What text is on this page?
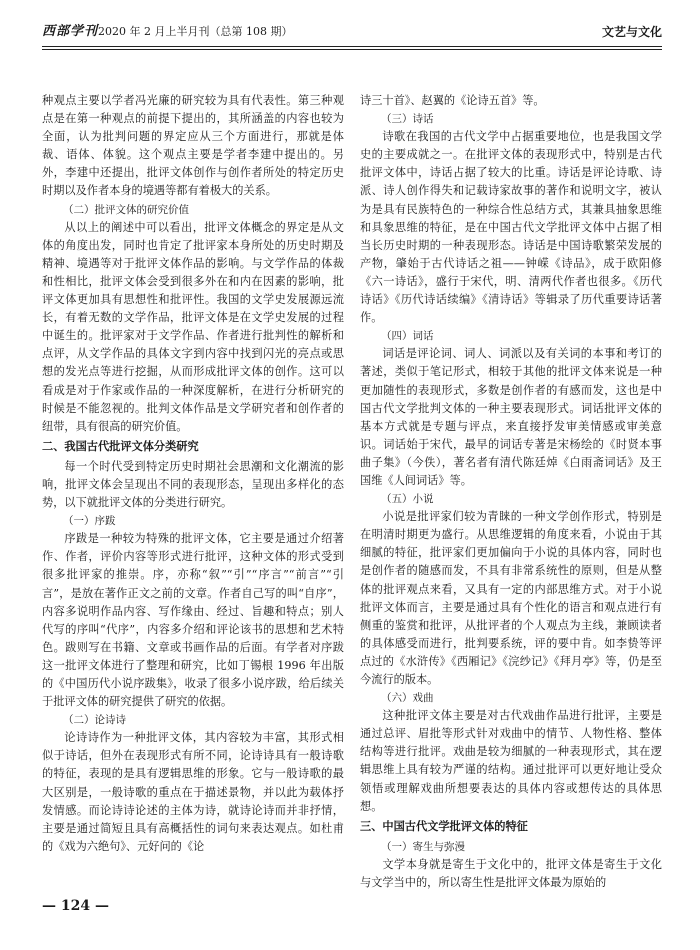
西部学刊2020 年 2 月上半月刊（总第 108 期）	文艺与文化

种观点主要以学者冯光廉的研究较为具有代表性。第三种观点是在第一种观点的前提下提出的，其所涵盖的内容也较为全面，认为批判问题的界定应从三个方面进行，那就是体裁、语体、体貌。这个观点主要是学者李建中提出的。另外，李建中还提出，批评文体创作与创作者所处的特定历史时期以及作者本身的境遇等都有着极大的关系。

（二）批评文体的研究价值

从以上的阐述中可以看出，批评文体概念的界定是从文体的角度出发，同时也肯定了批评家本身所处的历史时期及精神、境遇等对于批评文体作品的影响。与文学作品的体裁和性相比，批评文体会受到很多外在和内在因素的影响，批评文体更加具有思想性和批评性。我国的文学史发展源远流长，有着无数的文学作品，批评文体是在文学史发展的过程中诞生的。批评家对于文学作品、作者进行批判性的解析和点评，从文学作品的具体文字到内容中找到闪光的亮点或思想的发光点等进行挖掘，从而形成批评文体的创作。这可以看成是对于作家或作品的一种深度解析，在进行分析研究的时候是不能忽视的。批判文体作品是文学研究者和创作者的纽带，具有很高的研究价值。

二、我国古代批评文体分类研究

每一个时代受到特定历史时期社会思潮和文化潮流的影响，批评文体会呈现出不同的表现形态，呈现出多样化的态势，以下就批评文体的分类进行研究。

（一）序跋

序跋是一种较为特殊的批评文体，它主要是通过介绍著作、作者，评价内容等形式进行批评，这种文体的形式受到很多批评家的推崇。序，亦称“叙”“引”“序言”“前言”“引言”，是放在著作正文之前的文章。作者自己写的叫“自序”，内容多说明作品内容、写作缘由、经过、旨趣和特点；别人代写的序叫“代序”，内容多介绍和评论该书的思想和艺术特色。跋则写在书籍、文章或书画作品的后面。有学者对序跋这一批评文体进行了整理和研究，比如丁锡根 1996 年出版的《中国历代小说序跋集》，收录了很多小说序跋，给后续关于批评文体的研究提供了研究的依据。

（二）论诗诗

论诗诗作为一种批评文体，其内容较为丰富，其形式相似于诗话，但外在表现形式有所不同，论诗诗具有一般诗歌的特征，表现的是具有逻辑思维的形象。它与一般诗歌的最大区别是，一般诗歌的重点在于描述景物，并以此为载体抒发情感。而论诗诗论述的主体为诗，就诗论诗而并非抒情，主要是通过简短且具有高概括性的词句来表达观点。如杜甫的《戏为六绝句》、元好问的《论

诗三十首》、赵翼的《论诗五首》等。

（三）诗话

诗歌在我国的古代文学中占据重要地位，也是我国文学史的主要成就之一。在批评文体的表现形式中，特别是古代批评文体中，诗话占据了较大的比重。诗话是评论诗歌、诗派、诗人创作得失和记载诗家故事的著作和说明文字，被认为是具有民族特色的一种综合性总结方式，其兼具抽象思维和具象思维的特征，是在中国古代文学批评文体中占据了相当长历史时期的一种表现形态。诗话是中国诗歌繁荣发展的产物，肇始于古代诗话之祖——钟嵘《诗品》，成于欧阳修《六一诗话》，盛行于宋代，明、清两代作者也很多。《历代诗话》《历代诗话续编》《清诗话》等辑录了历代重要诗话著作。

（四）词话

词话是评论词、词人、词派以及有关词的本事和考订的著述，类似于笔记形式，相较于其他的批评文体来说是一种更加随性的表现形式，多数是创作者的有感而发，这也是中国古代文学批判文体的一种主要表现形式。词话批评文体的基本方式就是专题与评点，来直接抒发审美情感或审美意识。词话始于宋代，最早的词话专著是宋杨绘的《时贤本事曲子集》（今佚），著名者有清代陈廷焯《白雨斋词话》及王国维《人间词话》等。

（五）小说

小说是批评家们较为青睐的一种文学创作形式，特别是在明清时期更为盛行。从思维逻辑的角度来看，小说由于其细腻的特征，批评家们更加偏向于小说的具体内容，同时也是创作者的随感而发，不具有非常系统性的原则，但是从整体的批评观点来看，又具有一定的内部思维方式。对于小说批评文体而言，主要是通过具有个性化的语言和观点进行有侧重的鉴赏和批评，从批评者的个人观点为主线，兼顾读者的具体感受而进行，批判要系统，评的要中肯。如李贽等评点过的《水浒传》《西厢记》《浣纱记》《拜月亭》等，仍是至今流行的版本。

（六）戏曲

这种批评文体主要是对古代戏曲作品进行批评，主要是通过总评、眉批等形式针对戏曲中的情节、人物性格、整体结构等进行批评。戏曲是较为细腻的一种表现形式，其在逻辑思维上具有较为严谨的结构。通过批评可以更好地让受众领悟或理解戏曲所想要表达的具体内容或想传达的具体思想。

三、中国古代文学批评文体的特征
（一）寄生与弥漫

文学本身就是寄生于文化中的，批评文体是寄生于文化与文学当中的，所以寄生性是批评文体最为原始的

— 124 —
